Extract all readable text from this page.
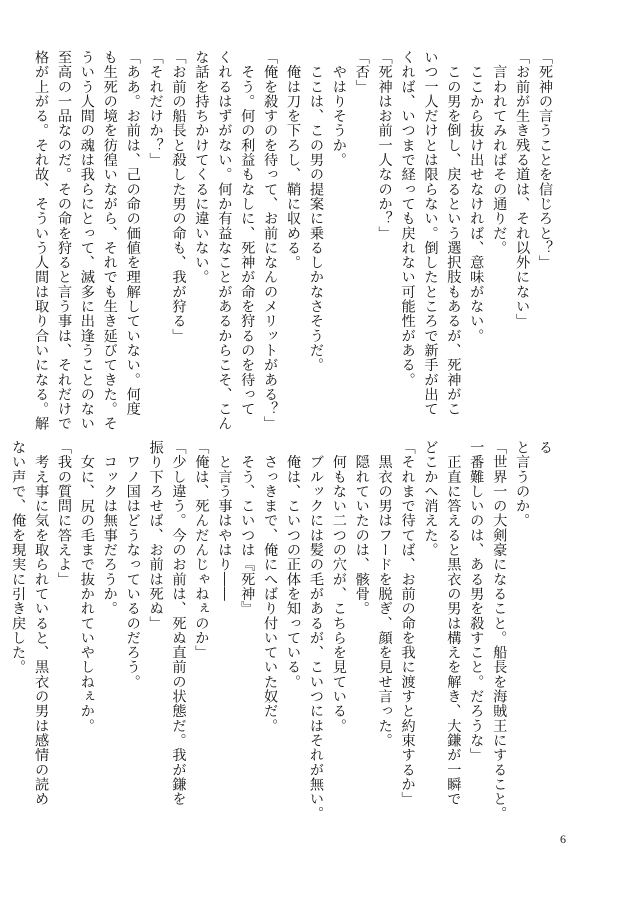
「死神の言うことを信じろと？」
「お前が生き残る道は、それ以外にない」
　言われてみればその通りだ。
　ここから抜け出せなければ、意味がない。
　この男を倒し、戻るという選択肢もあるが、死神がこ
いつ一人だけとは限らない。倒したところで新手が出て
くれば、いつまで経っても戻れない可能性がある。
「死神はお前一人なのか？」
「否」
　やはりそうか。
　ここは、この男の提案に乗るしかなさそうだ。
　俺は刀を下ろし、鞘に収める。
「俺を殺すのを待って、お前になんのメリットがある？」
　そう。何の利益もなしに、死神が命を狩るのを待って
くれるはずがない。何か有益なことがあるからこそ、こん
な話を持ちかけてくるに違いない。
「お前の船長と殺した男の命も、我が狩る」
「それだけか？」
「ああ。お前は、己の命の価値を理解していない。何度
も生死の境を彷徨いながら、それでも生き延びてきた。そ
ういう人間の魂は我らにとって、滅多に出逢うことのない
至高の一品なのだ。その命を狩ると言う事は、それだけで
格が上がる。それ故、そういう人間は取り合いになる。解
る
と言うのか。
「世界一の大剣豪になること。船長を海賊王にすること。
一番難しいのは、ある男を殺すこと。だろうな」
　正直に答えると黒衣の男は構えを解き、大鎌が一瞬で
どこかへ消えた。
「それまで待てば、お前の命を我に渡すと約束するか」
　黒衣の男はフードを脱ぎ、顔を見せ言った。
　隠れていたのは、骸骨。
　何もない二つの穴が、こちらを見ている。
　ブルックには髪の毛があるが、こいつにはそれが無い。
　俺は、こいつの正体を知っている。
　さっきまで、俺にへばり付いていた奴だ。
　そう、こいつは『死神』
　と言う事はやはり――
「俺は、死んだんじゃねぇのか」
「少し違う。今のお前は、死ぬ直前の状態だ。我が鎌を
振り下ろせば、お前は死ぬ」
　ワノ国はどうなっているのだろう。
　コックは無事だろうか。
　女に、尻の毛まで抜かれていやしねぇか。
「我の質問に答えよ」
　考え事に気を取られていると、黒衣の男は感情の読め
ない声で、俺を現実に引き戻した。
6
